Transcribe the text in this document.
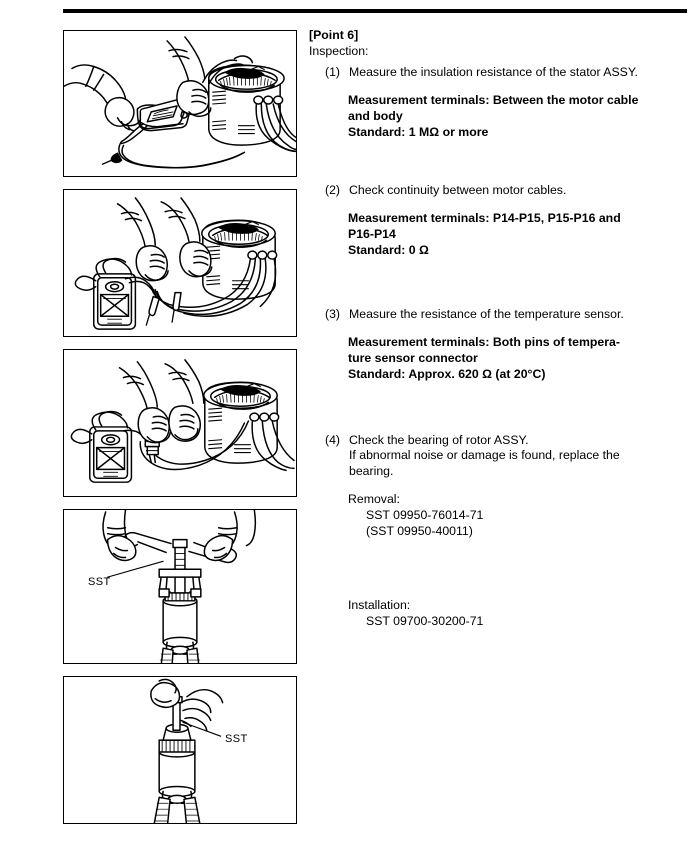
SST
SST
[Point 6]
Inspection:
(1) Measure the insulation resistance of the stator ASSY.
Measurement terminals: Between the motor cable
and body
Standard: 1 MΩ or more
(2) Check continuity between motor cables.
Measurement terminals: P14-P15, P15-P16 and
P16-P14
Standard: 0 Ω
(3) Measure the resistance of the temperature sensor.
Measurement terminals: Both pins of tempera-
ture sensor connector
Standard: Approx. 620 Ω (at 20°C)
(4) Check the bearing of rotor ASSY.
If abnormal noise or damage is found, replace the
bearing.
Removal:
SST 09950-76014-71
(SST 09950-40011)
Installation:
SST 09700-30200-71
